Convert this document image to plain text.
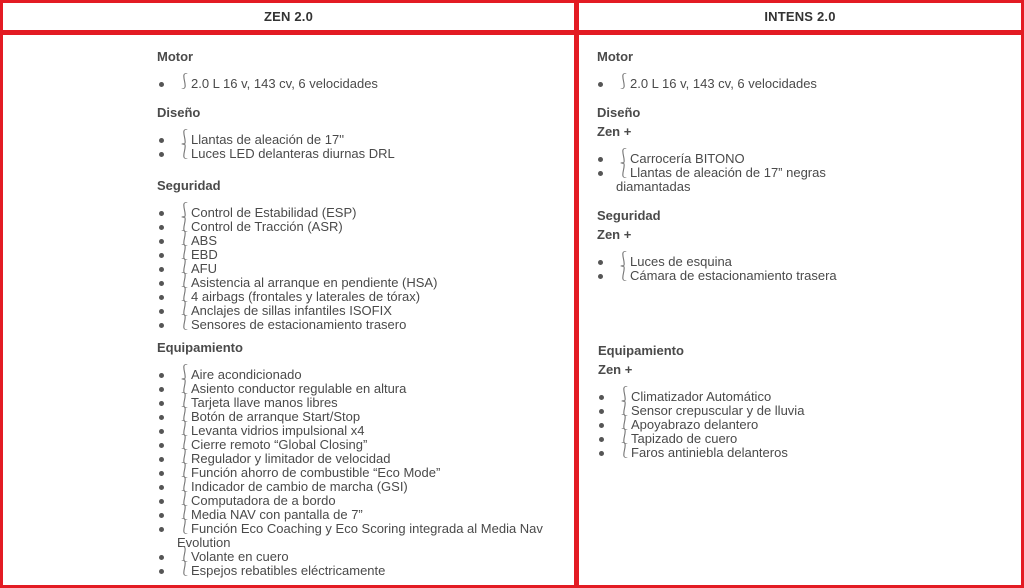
ZEN 2.0	INTENS 2.0
Motor
⎰
2.0 L 16 v, 143 cv, 6 velocidades
Diseño
⎰
Llantas de aleación de 17''
⎱
Luces LED delanteras diurnas DRL
Seguridad
⎰
Control de Estabilidad (ESP)
⎱
Control de Tracción (ASR)
⎱
ABS
⎱
EBD
⎱
AFU
⎱
Asistencia al arranque en pendiente (HSA)
⎱
4 airbags (frontales y laterales de tórax)
⎱
Anclajes de sillas infantiles ISOFIX
⎱
Sensores de estacionamiento trasero
Equipamiento
⎰
Aire acondicionado
⎱
Asiento conductor regulable en altura
⎱
Tarjeta llave manos libres
⎱
Botón de arranque Start/Stop
⎱
Levanta vidrios impulsional x4
⎱
Cierre remoto “Global Closing”
⎱
Regulador y limitador de velocidad
⎱
Función ahorro de combustible “Eco Mode”
⎱
Indicador de cambio de marcha (GSI)
⎱
Computadora de a bordo
⎱
Media NAV con pantalla de 7”
⎱
Función Eco Coaching y Eco Scoring integrada al Media Nav
Evolution
⎱
Volante en cuero
⎱
Espejos rebatibles eléctricamente
Motor
⎰
2.0 L 16 v, 143 cv, 6 velocidades
Diseño
Zen +
⎰
Carrocería BITONO
⎱
Llantas de aleación de 17” negras
diamantadas
Seguridad
Zen +
⎰
Luces de esquina
⎱
Cámara de estacionamiento trasera
Equipamiento
Zen +
⎰
Climatizador Automático
⎱
Sensor crepuscular y de lluvia
⎱
Apoyabrazo delantero
⎱
Tapizado de cuero
⎱
Faros antiniebla delanteros
